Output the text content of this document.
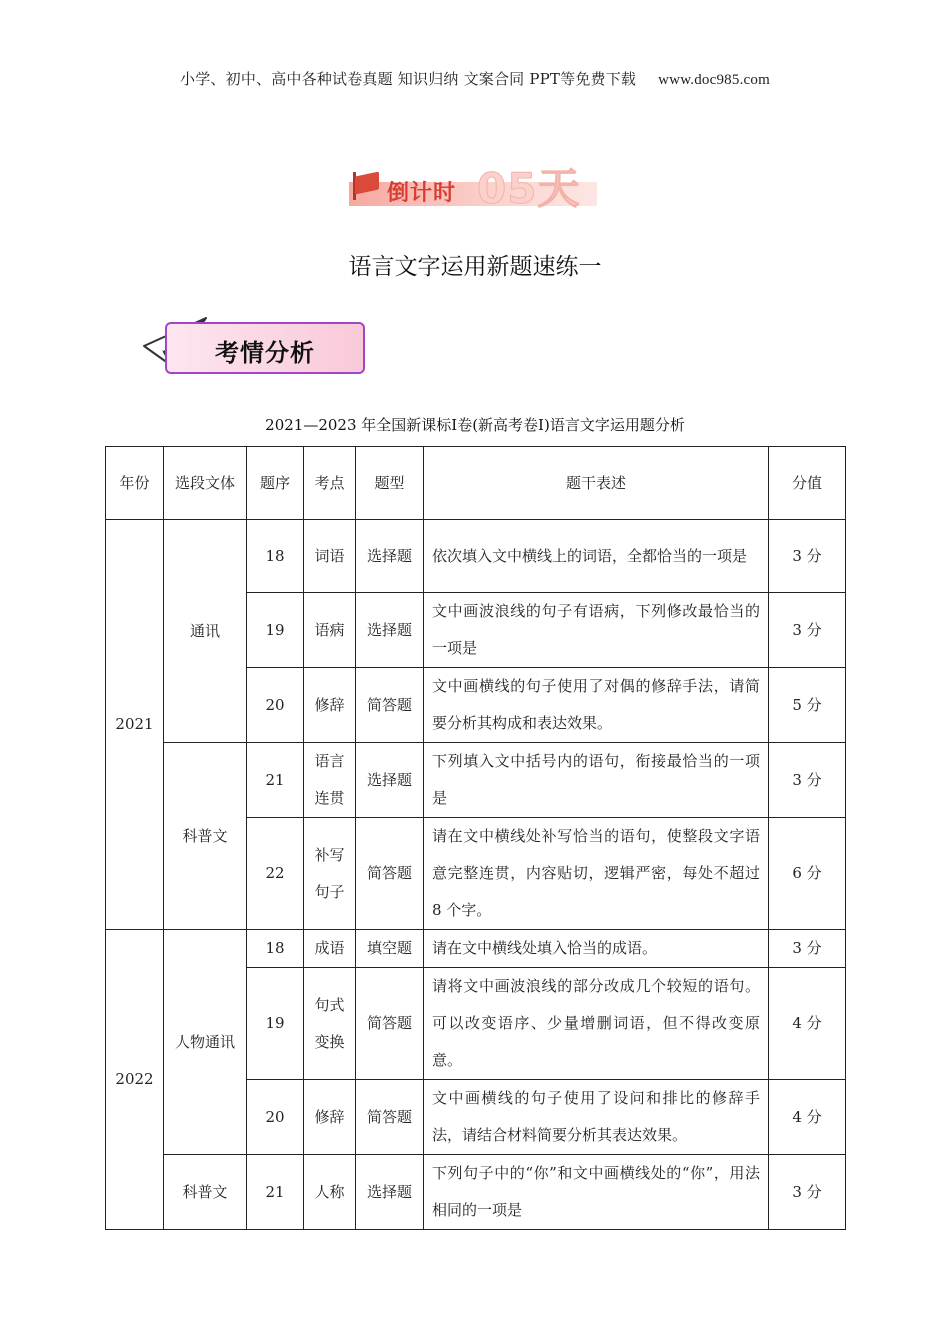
小学、初中、高中各种试卷真题 知识归纳 文案合同 PPT等免费下载 www.doc985.com
倒计时 05天
语言文字运用新题速练一
考情分析
2021—2023 年全国新课标Ⅰ卷(新高考卷Ⅰ)语言文字运用题分析
年份	选段文体	题序	考点	题型	题干表述	分值
2021	通讯	18	词语	选择题	依次填入文中横线上的词语，全都恰当的一项是	3 分
		19	语病	选择题	文中画波浪线的句子有语病，下列修改最恰当的一项是	3 分
		20	修辞	简答题	文中画横线的句子使用了对偶的修辞手法，请简要分析其构成和表达效果。	5 分
	科普文	21	语言连贯	选择题	下列填入文中括号内的语句，衔接最恰当的一项是	3 分
		22	补写句子	简答题	请在文中横线处补写恰当的语句，使整段文字语意完整连贯，内容贴切，逻辑严密，每处不超过 8 个字。	6 分
2022	人物通讯	18	成语	填空题	请在文中横线处填入恰当的成语。	3 分
		19	句式变换	简答题	请将文中画波浪线的部分改成几个较短的语句。可以改变语序、少量增删词语，但不得改变原意。	4 分
		20	修辞	简答题	文中画横线的句子使用了设问和排比的修辞手法，请结合材料简要分析其表达效果。	4 分
	科普文	21	人称	选择题	下列句子中的“你”和文中画横线处的“你”，用法相同的一项是	3 分
